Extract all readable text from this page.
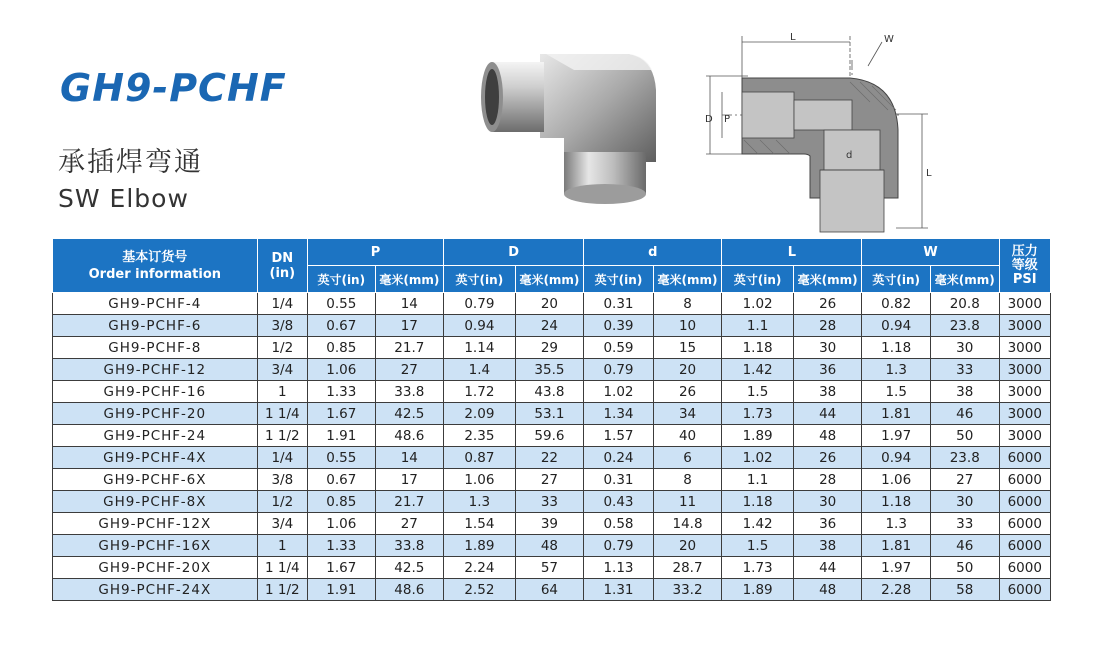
GH9-PCHF
承插焊弯通
SW Elbow
L	W
D P
d
L
基本订货号
Order information	DN
(in)	P		D		d		L		W		压力
等级
PSI
		英寸(in)	毫米(mm)	英寸(in)	毫米(mm)	英寸(in)	毫米(mm)	英寸(in)	毫米(mm)	英寸(in)	毫米(mm)	
GH9-PCHF-4	1/4	0.55	14	0.79	20	0.31	8	1.02	26	0.82	20.8	3000
GH9-PCHF-6	3/8	0.67	17	0.94	24	0.39	10	1.1	28	0.94	23.8	3000
GH9-PCHF-8	1/2	0.85	21.7	1.14	29	0.59	15	1.18	30	1.18	30	3000
GH9-PCHF-12	3/4	1.06	27	1.4	35.5	0.79	20	1.42	36	1.3	33	3000
GH9-PCHF-16	1	1.33	33.8	1.72	43.8	1.02	26	1.5	38	1.5	38	3000
GH9-PCHF-20	1 1/4	1.67	42.5	2.09	53.1	1.34	34	1.73	44	1.81	46	3000
GH9-PCHF-24	1 1/2	1.91	48.6	2.35	59.6	1.57	40	1.89	48	1.97	50	3000
GH9-PCHF-4X	1/4	0.55	14	0.87	22	0.24	6	1.02	26	0.94	23.8	6000
GH9-PCHF-6X	3/8	0.67	17	1.06	27	0.31	8	1.1	28	1.06	27	6000
GH9-PCHF-8X	1/2	0.85	21.7	1.3	33	0.43	11	1.18	30	1.18	30	6000
GH9-PCHF-12X	3/4	1.06	27	1.54	39	0.58	14.8	1.42	36	1.3	33	6000
GH9-PCHF-16X	1	1.33	33.8	1.89	48	0.79	20	1.5	38	1.81	46	6000
GH9-PCHF-20X	1 1/4	1.67	42.5	2.24	57	1.13	28.7	1.73	44	1.97	50	6000
GH9-PCHF-24X	1 1/2	1.91	48.6	2.52	64	1.31	33.2	1.89	48	2.28	58	6000
